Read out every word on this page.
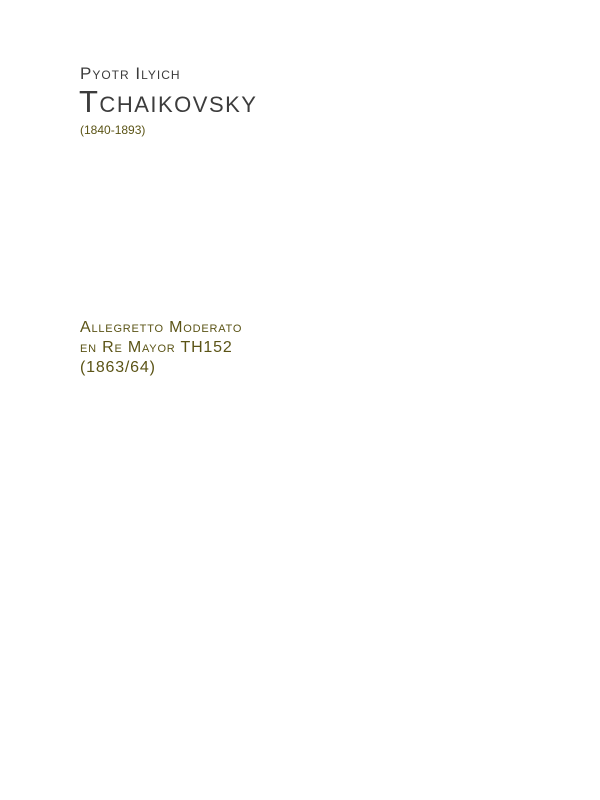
Pyotr Ilyich
Tchaikovsky
(1840-1893)
Allegretto Moderato
en Re Mayor TH152
(1863/64)
